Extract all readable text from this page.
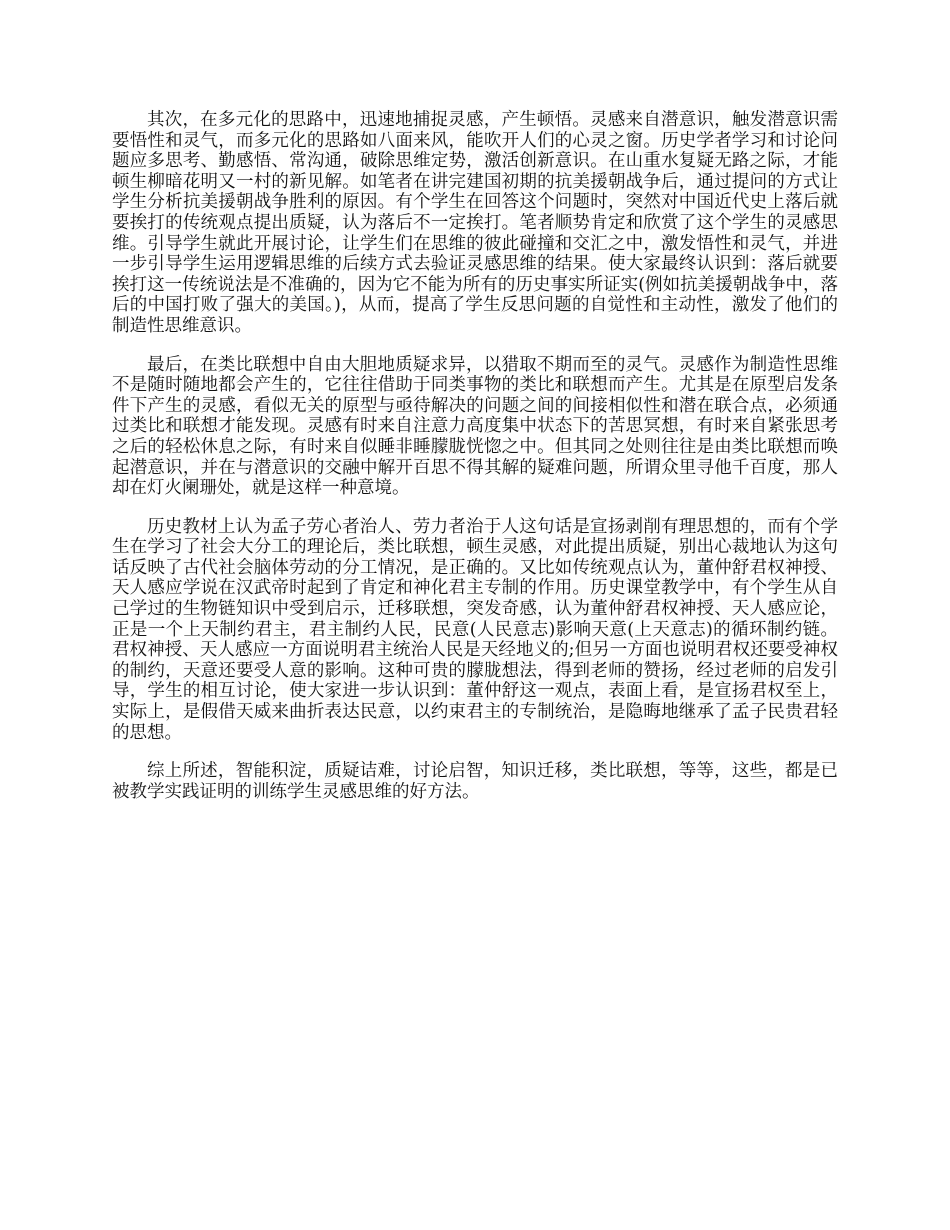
其次，在多元化的思路中，迅速地捕捉灵感，产生顿悟。灵感来自潜意识，触发潜意识需要悟性和灵气，而多元化的思路如八面来风，能吹开人们的心灵之窗。历史学者学习和讨论问题应多思考、勤感悟、常沟通，破除思维定势，激活创新意识。在山重水复疑无路之际，才能顿生柳暗花明又一村的新见解。如笔者在讲完建国初期的抗美援朝战争后，通过提问的方式让学生分析抗美援朝战争胜利的原因。有个学生在回答这个问题时，突然对中国近代史上落后就要挨打的传统观点提出质疑，认为落后不一定挨打。笔者顺势肯定和欣赏了这个学生的灵感思维。引导学生就此开展讨论，让学生们在思维的彼此碰撞和交汇之中，激发悟性和灵气，并进一步引导学生运用逻辑思维的后续方式去验证灵感思维的结果。使大家最终认识到：落后就要挨打这一传统说法是不准确的，因为它不能为所有的历史事实所证实(例如抗美援朝战争中，落后的中国打败了强大的美国。)，从而，提高了学生反思问题的自觉性和主动性，激发了他们的制造性思维意识。

最后，在类比联想中自由大胆地质疑求异，以猎取不期而至的灵气。灵感作为制造性思维不是随时随地都会产生的，它往往借助于同类事物的类比和联想而产生。尤其是在原型启发条件下产生的灵感，看似无关的原型与亟待解决的问题之间的间接相似性和潜在联合点，必须通过类比和联想才能发现。灵感有时来自注意力高度集中状态下的苦思冥想，有时来自紧张思考之后的轻松休息之际，有时来自似睡非睡朦胧恍惚之中。但其同之处则往往是由类比联想而唤起潜意识，并在与潜意识的交融中解开百思不得其解的疑难问题，所谓众里寻他千百度，那人却在灯火阑珊处，就是这样一种意境。

历史教材上认为孟子劳心者治人、劳力者治于人这句话是宣扬剥削有理思想的，而有个学生在学习了社会大分工的理论后，类比联想，顿生灵感，对此提出质疑，别出心裁地认为这句话反映了古代社会脑体劳动的分工情况，是正确的。又比如传统观点认为，董仲舒君权神授、天人感应学说在汉武帝时起到了肯定和神化君主专制的作用。历史课堂教学中，有个学生从自己学过的生物链知识中受到启示，迁移联想，突发奇感，认为董仲舒君权神授、天人感应论，正是一个上天制约君主，君主制约人民，民意(人民意志)影响天意(上天意志)的循环制约链。君权神授、天人感应一方面说明君主统治人民是天经地义的;但另一方面也说明君权还要受神权的制约，天意还要受人意的影响。这种可贵的朦胧想法，得到老师的赞扬，经过老师的启发引导，学生的相互讨论，使大家进一步认识到：董仲舒这一观点，表面上看，是宣扬君权至上，实际上，是假借天威来曲折表达民意，以约束君主的专制统治，是隐晦地继承了孟子民贵君轻的思想。

综上所述，智能积淀，质疑诘难，讨论启智，知识迁移，类比联想，等等，这些，都是已被教学实践证明的训练学生灵感思维的好方法。
